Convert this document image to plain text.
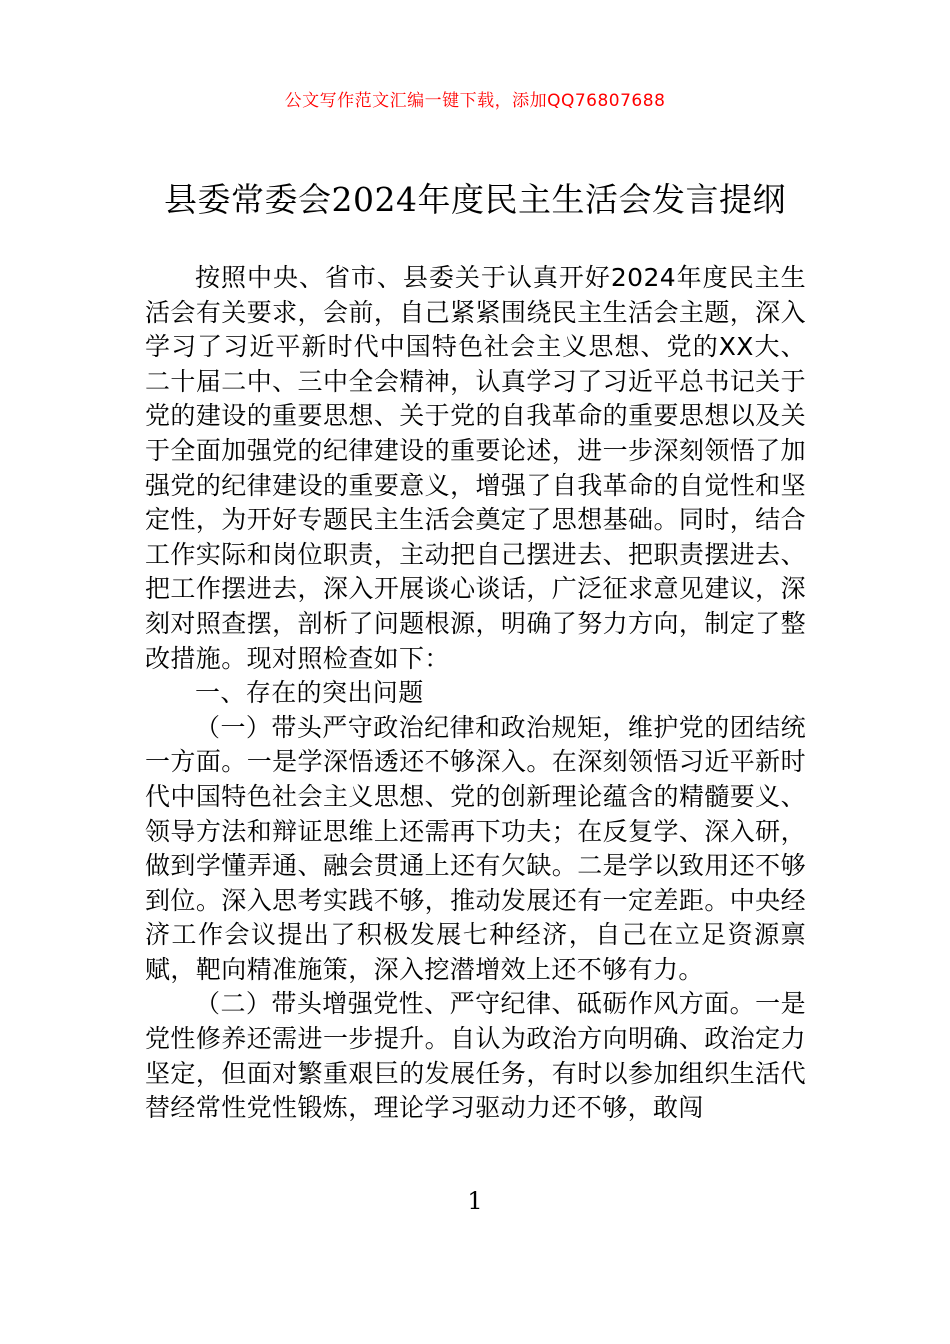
公文写作范文汇编一键下载，添加QQ76807688
县委常委会2024年度民主生活会发言提纲

按照中央、省市、县委关于认真开好2024年度民主生活会有关要求，会前，自己紧紧围绕民主生活会主题，深入学习了习近平新时代中国特色社会主义思想、党的XX大、二十届二中、三中全会精神，认真学习了习近平总书记关于党的建设的重要思想、关于党的自我革命的重要思想以及关于全面加强党的纪律建设的重要论述，进一步深刻领悟了加强党的纪律建设的重要意义，增强了自我革命的自觉性和坚定性，为开好专题民主生活会奠定了思想基础。同时，结合工作实际和岗位职责，主动把自己摆进去、把职责摆进去、把工作摆进去，深入开展谈心谈话，广泛征求意见建议，深刻对照查摆，剖析了问题根源，明确了努力方向，制定了整改措施。现对照检查如下：

一、存在的突出问题

（一）带头严守政治纪律和政治规矩，维护党的团结统一方面。一是学深悟透还不够深入。在深刻领悟习近平新时代中国特色社会主义思想、党的创新理论蕴含的精髓要义、领导方法和辩证思维上还需再下功夫；在反复学、深入研，做到学懂弄通、融会贯通上还有欠缺。二是学以致用还不够到位。深入思考实践不够，推动发展还有一定差距。中央经济工作会议提出了积极发展七种经济，自己在立足资源禀赋，靶向精准施策，深入挖潜增效上还不够有力。

（二）带头增强党性、严守纪律、砥砺作风方面。一是党性修养还需进一步提升。自认为政治方向明确、政治定力坚定，但面对繁重艰巨的发展任务，有时以参加组织生活代替经常性党性锻炼，理论学习驱动力还不够，敢闯

1
